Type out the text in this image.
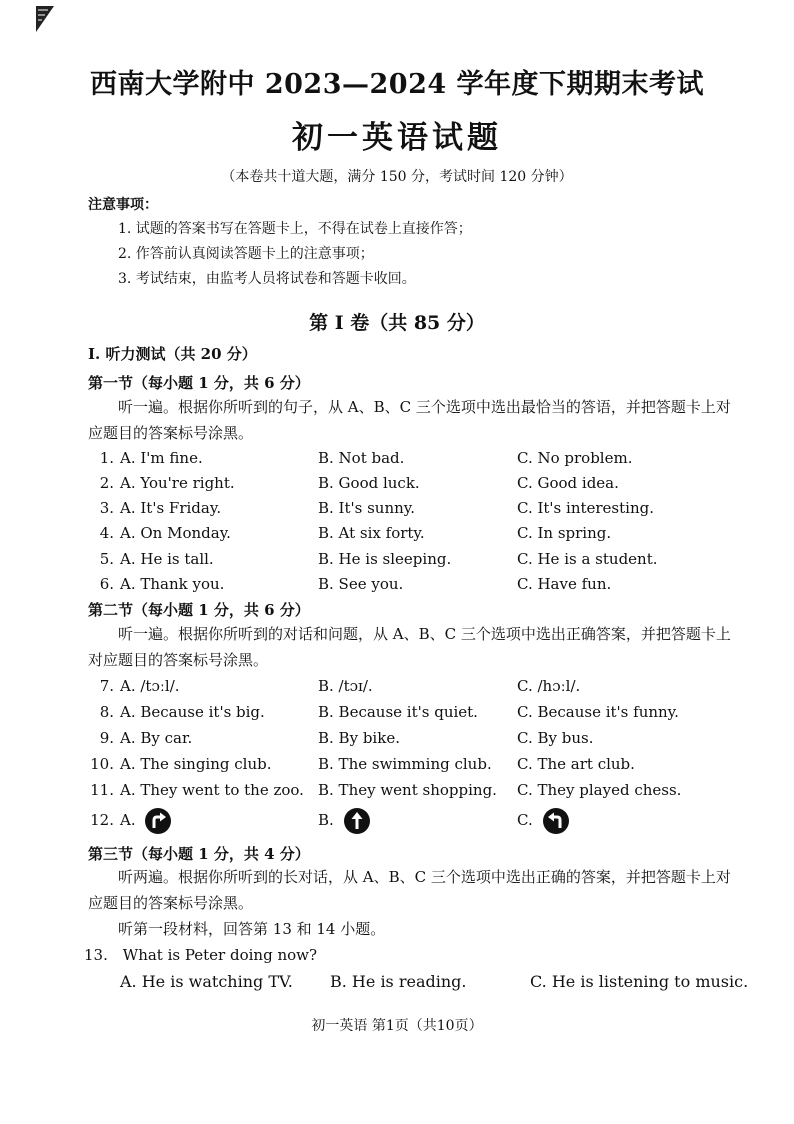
西南大学附中 2023—2024 学年度下期期末考试
初一英语试题
（本卷共十道大题，满分 150 分，考试时间 120 分钟）
注意事项：
1. 试题的答案书写在答题卡上，不得在试卷上直接作答；
2. 作答前认真阅读答题卡上的注意事项；
3. 考试结束，由监考人员将试卷和答题卡收回。
第 I 卷（共 85 分）
I. 听力测试（共 20 分）
第一节（每小题 1 分，共 6 分）
听一遍。根据你所听到的句子，从 A、B、C 三个选项中选出最恰当的答语，并把答题卡上对应题目的答案标号涂黑。
1. A. I'm fine.	B. Not bad.	C. No problem.
2. A. You're right.	B. Good luck.	C. Good idea.
3. A. It's Friday.	B. It's sunny.	C. It's interesting.
4. A. On Monday.	B. At six forty.	C. In spring.
5. A. He is tall.	B. He is sleeping.	C. He is a student.
6. A. Thank you.	B. See you.	C. Have fun.
第二节（每小题 1 分，共 6 分）
听一遍。根据你所听到的对话和问题，从 A、B、C 三个选项中选出正确答案，并把答题卡上对应题目的答案标号涂黑。
7. A. /tɔːl/.	B. /tɔɪ/.	C. /hɔːl/.
8. A. Because it's big.	B. Because it's quiet.	C. Because it's funny.
9. A. By car.	B. By bike.	C. By bus.
10. A. The singing club.	B. The swimming club. C. The art club.
11. A. They went to the zoo. B. They went shopping. C. They played chess.
12. A.	B.	C.
第三节（每小题 1 分，共 4 分）
听两遍。根据你所听到的长对话，从 A、B、C 三个选项中选出正确的答案，并把答题卡上对应题目的答案标号涂黑。
听第一段材料，回答第 13 和 14 小题。
13. What is Peter doing now?
A. He is watching TV. B. He is reading.	C. He is listening to music.
初一英语 第1页（共10页）
